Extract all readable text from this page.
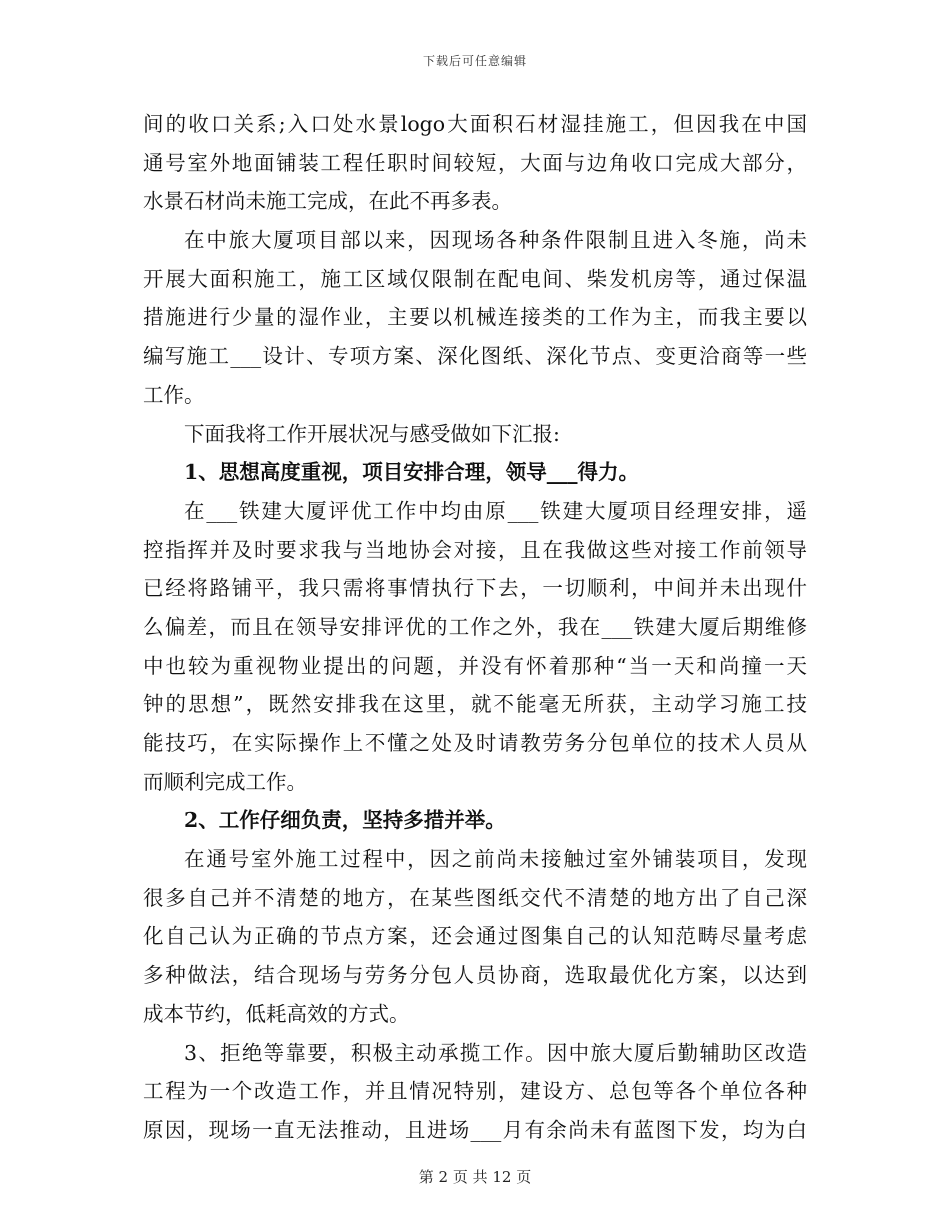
下载后可任意编辑
间的收口关系;入口处水景logo大面积石材湿挂施工，但因我在中国
通号室外地面铺装工程任职时间较短，大面与边角收口完成大部分，
水景石材尚未施工完成，在此不再多表。
在中旅大厦项目部以来，因现场各种条件限制且进入冬施，尚未
开展大面积施工，施工区域仅限制在配电间、柴发机房等，通过保温
措施进行少量的湿作业，主要以机械连接类的工作为主，而我主要以
编写施工___设计、专项方案、深化图纸、深化节点、变更洽商等一些
工作。
下面我将工作开展状况与感受做如下汇报:
1、思想高度重视，项目安排合理，领导___得力。
在___铁建大厦评优工作中均由原___铁建大厦项目经理安排，遥
控指挥并及时要求我与当地协会对接，且在我做这些对接工作前领导
已经将路铺平，我只需将事情执行下去，一切顺利，中间并未出现什
么偏差，而且在领导安排评优的工作之外，我在___铁建大厦后期维修
中也较为重视物业提出的问题，并没有怀着那种“当一天和尚撞一天
钟的思想”，既然安排我在这里，就不能毫无所获，主动学习施工技
能技巧，在实际操作上不懂之处及时请教劳务分包单位的技术人员从
而顺利完成工作。
2、工作仔细负责，坚持多措并举。
在通号室外施工过程中，因之前尚未接触过室外铺装项目，发现
很多自己并不清楚的地方，在某些图纸交代不清楚的地方出了自己深
化自己认为正确的节点方案，还会通过图集自己的认知范畴尽量考虑
多种做法，结合现场与劳务分包人员协商，选取最优化方案，以达到
成本节约，低耗高效的方式。
3、拒绝等靠要，积极主动承揽工作。因中旅大厦后勤辅助区改造
工程为一个改造工作，并且情况特别，建设方、总包等各个单位各种
原因，现场一直无法推动，且进场___月有余尚未有蓝图下发，均为白
第 2 页 共 12 页
